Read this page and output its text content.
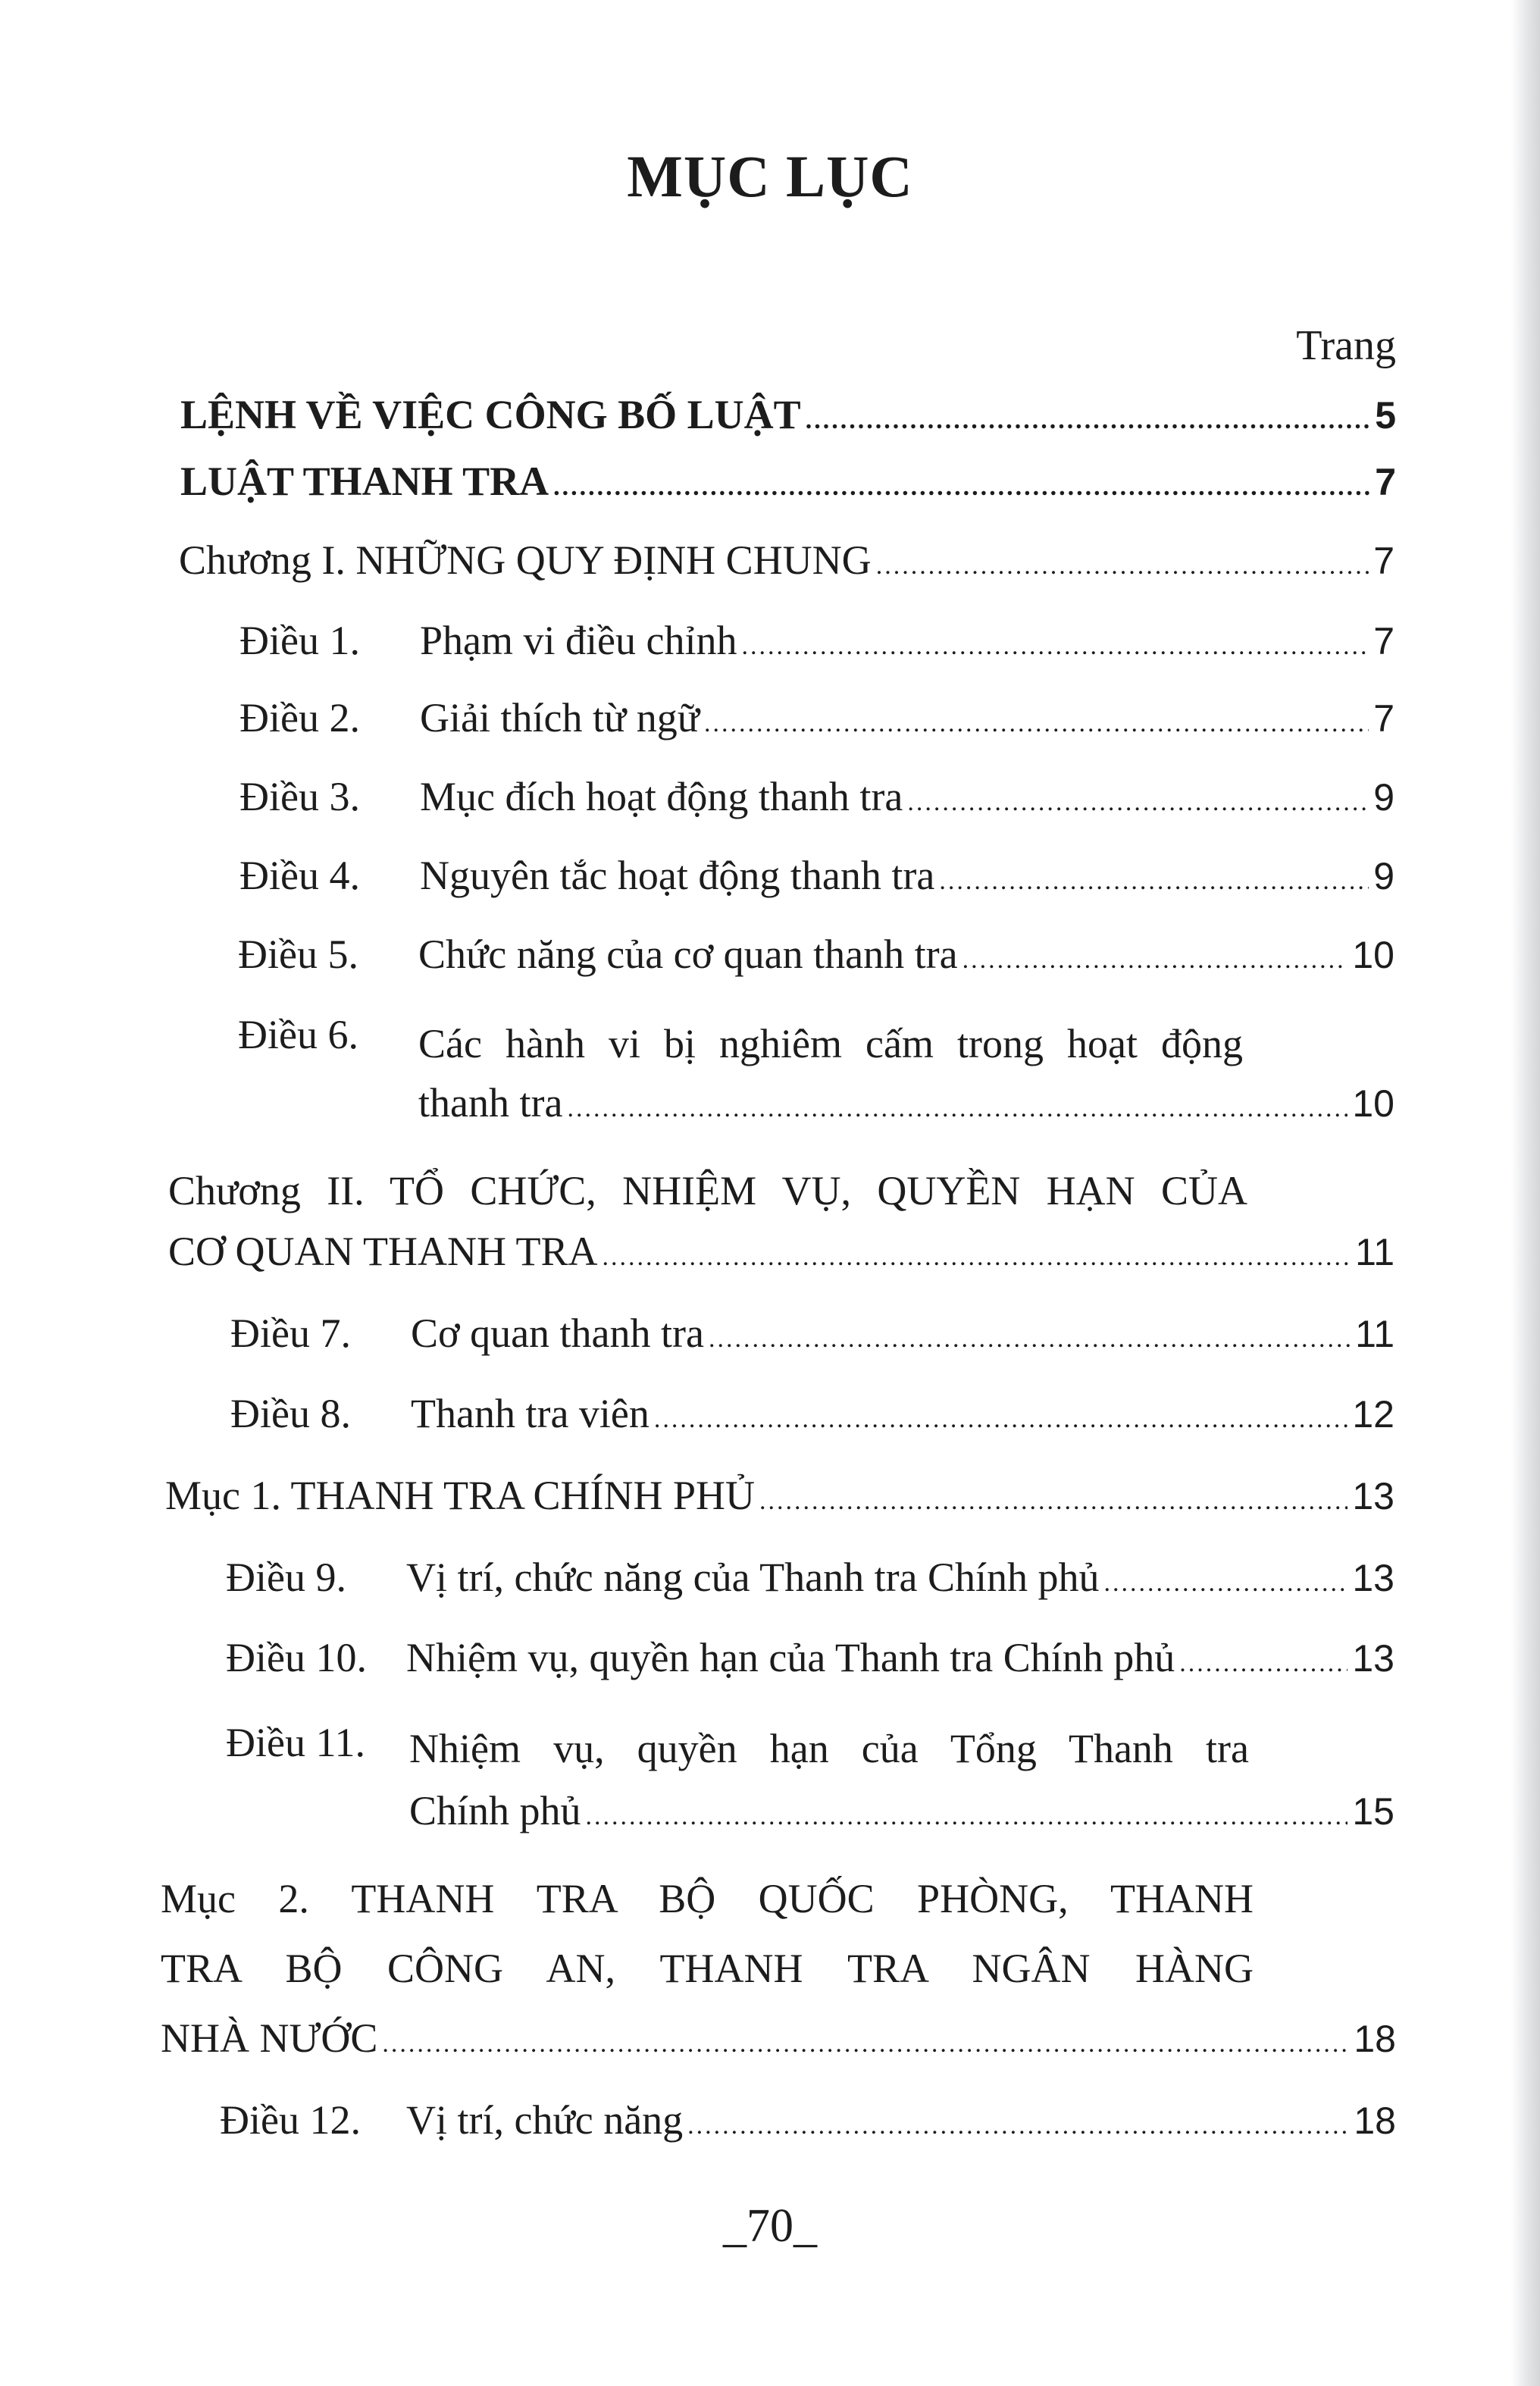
MỤC LỤC
Trang
LỆNH VỀ VIỆC CÔNG BỐ LUẬT .....	5
LUẬT THANH TRA .....	7
Chương I. NHỮNG QUY ĐỊNH CHUNG .....	7
Điều 1.	Phạm vi điều chỉnh .....	7
Điều 2.	Giải thích từ ngữ .....	7
Điều 3.	Mục đích hoạt động thanh tra .....	9
Điều 4.	Nguyên tắc hoạt động thanh tra .....	9
Điều 5.	Chức năng của cơ quan thanh tra .....	10
Điều 6. Các hành vi bị nghiêm cấm trong hoạt động
thanh tra .....	10
Chương II. TỔ CHỨC, NHIỆM VỤ, QUYỀN HẠN CỦA
CƠ QUAN THANH TRA .....	11
Điều 7.	Cơ quan thanh tra .....	11
Điều 8.	Thanh tra viên .....	12
Mục 1. THANH TRA CHÍNH PHỦ .....	13
Điều 9.	Vị trí, chức năng của Thanh tra Chính phủ .....	13
Điều 10. Nhiệm vụ, quyền hạn của Thanh tra Chính phủ .....	13
Điều 11. Nhiệm vụ, quyền hạn của Tổng Thanh tra
Chính phủ .....	15
Mục 2. THANH TRA BỘ QUỐC PHÒNG, THANH
TRA BỘ CÔNG AN, THANH TRA NGÂN HÀNG
NHÀ NƯỚC .....	18
Điều 12.	Vị trí, chức năng .....	18
_70_
